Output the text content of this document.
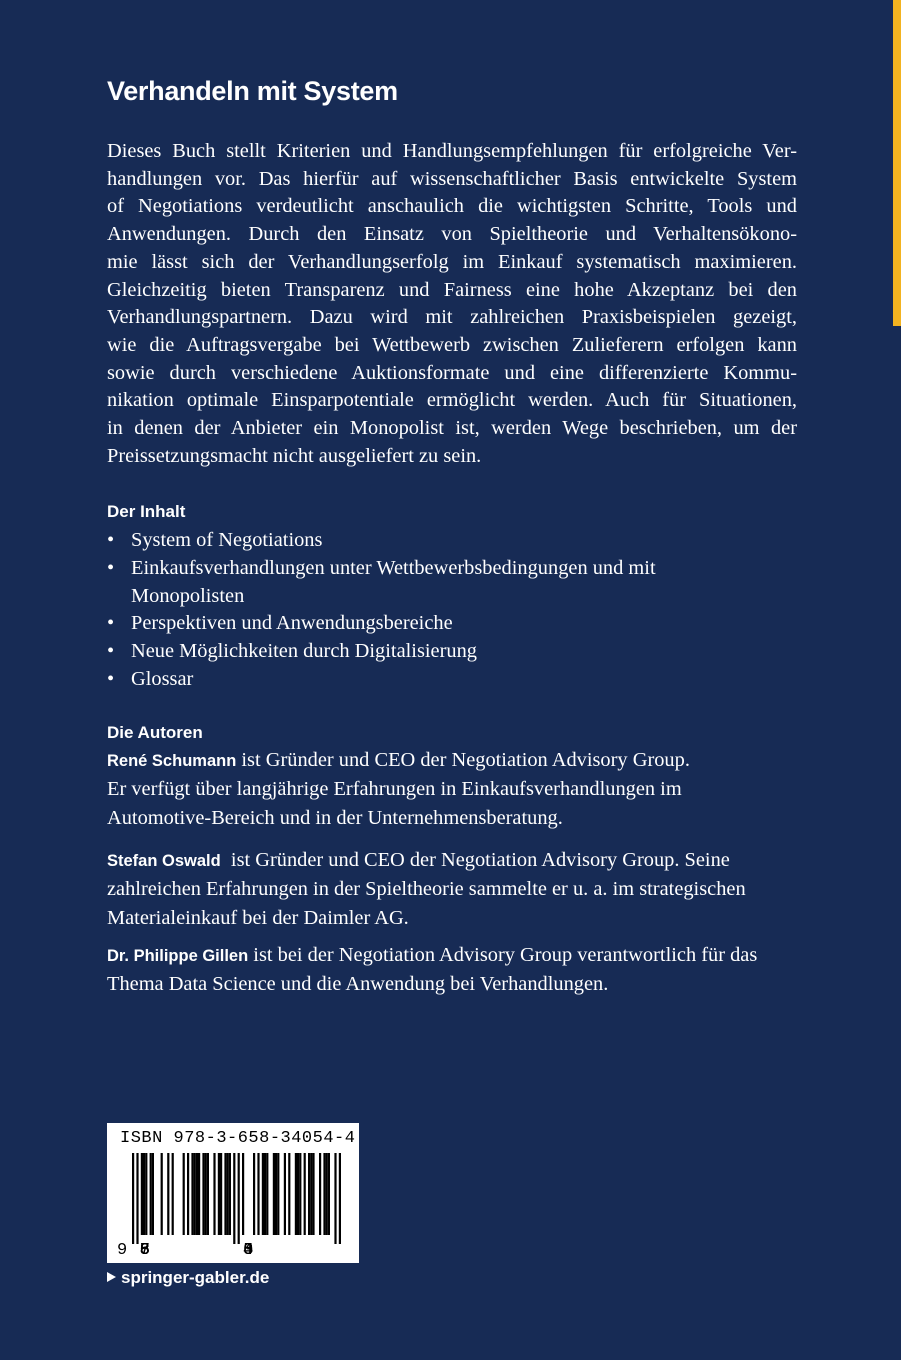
Verhandeln mit System
Dieses Buch stellt Kriterien und Handlungsempfehlungen für erfolgreiche Ver-
handlungen vor. Das hierfür auf wissenschaftlicher Basis entwickelte System
of Negotiations verdeutlicht anschaulich die wichtigsten Schritte, Tools und
Anwendungen. Durch den Einsatz von Spieltheorie und Verhaltensökono-
mie lässt sich der Verhandlungserfolg im Einkauf systematisch maximieren.
Gleichzeitig bieten Transparenz und Fairness eine hohe Akzeptanz bei den
Verhandlungspartnern. Dazu wird mit zahlreichen Praxisbeispielen gezeigt,
wie die Auftragsvergabe bei Wettbewerb zwischen Zulieferern erfolgen kann
sowie durch verschiedene Auktionsformate und eine differenzierte Kommu-
nikation optimale Einsparpotentiale ermöglicht werden. Auch für Situationen,
in denen der Anbieter ein Monopolist ist, werden Wege beschrieben, um der
Preissetzungsmacht nicht ausgeliefert zu sein.
Der Inhalt
• System of Negotiations
• Einkaufsverhandlungen unter Wettbewerbsbedingungen und mit Monopolisten
• Perspektiven und Anwendungsbereiche
• Neue Möglichkeiten durch Digitalisierung
• Glossar
Die Autoren
René Schumann ist Gründer und CEO der Negotiation Advisory Group.
Er verfügt über langjährige Erfahrungen in Einkaufsverhandlungen im
Automotive-Bereich und in der Unternehmensberatung.
Stefan Oswald  ist Gründer und CEO der Negotiation Advisory Group. Seine
zahlreichen Erfahrungen in der Spieltheorie sammelte er u. a. im strategischen
Materialeinkauf bei der Daimler AG.
Dr. Philippe Gillen ist bei der Negotiation Advisory Group verantwortlich für das
Thema Data Science und die Anwendung bei Verhandlungen.
ISBN 978-3-658-34054-4
9 783658	340544
springer-gabler.de
